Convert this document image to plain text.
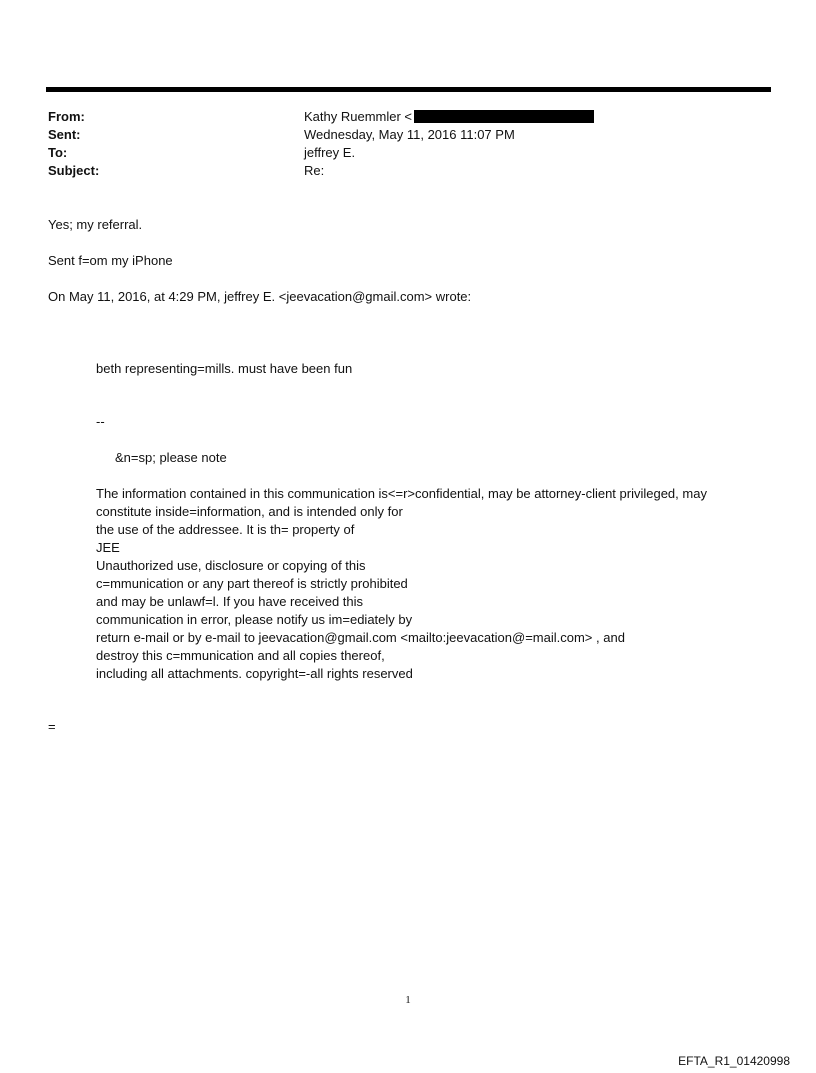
From:	Kathy Ruemmler <
Sent:	Wednesday, May 11, 2016 11:07 PM
To:	jeffrey E.
Subject:	Re:
Yes; my referral.
Sent f=om my iPhone
On May 11, 2016, at 4:29 PM, jeffrey E. <jeevacation@gmail.com> wrote:
beth representing=mills. must have been fun
--
&n=sp; please note
The information contained in this communication is<=r>confidential, may be attorney-client privileged, may
constitute inside=information, and is intended only for
the use of the addressee. It is th= property of
JEE
Unauthorized use, disclosure or copying of this
c=mmunication or any part thereof is strictly prohibited
and may be unlawf=l. If you have received this
communication in error, please notify us im=ediately by
return e-mail or by e-mail to jeevacation@gmail.com <mailto:jeevacation@=mail.com> , and
destroy this c=mmunication and all copies thereof,
including all attachments. copyright=-all rights reserved
=
1
EFTA_R1_01420998
